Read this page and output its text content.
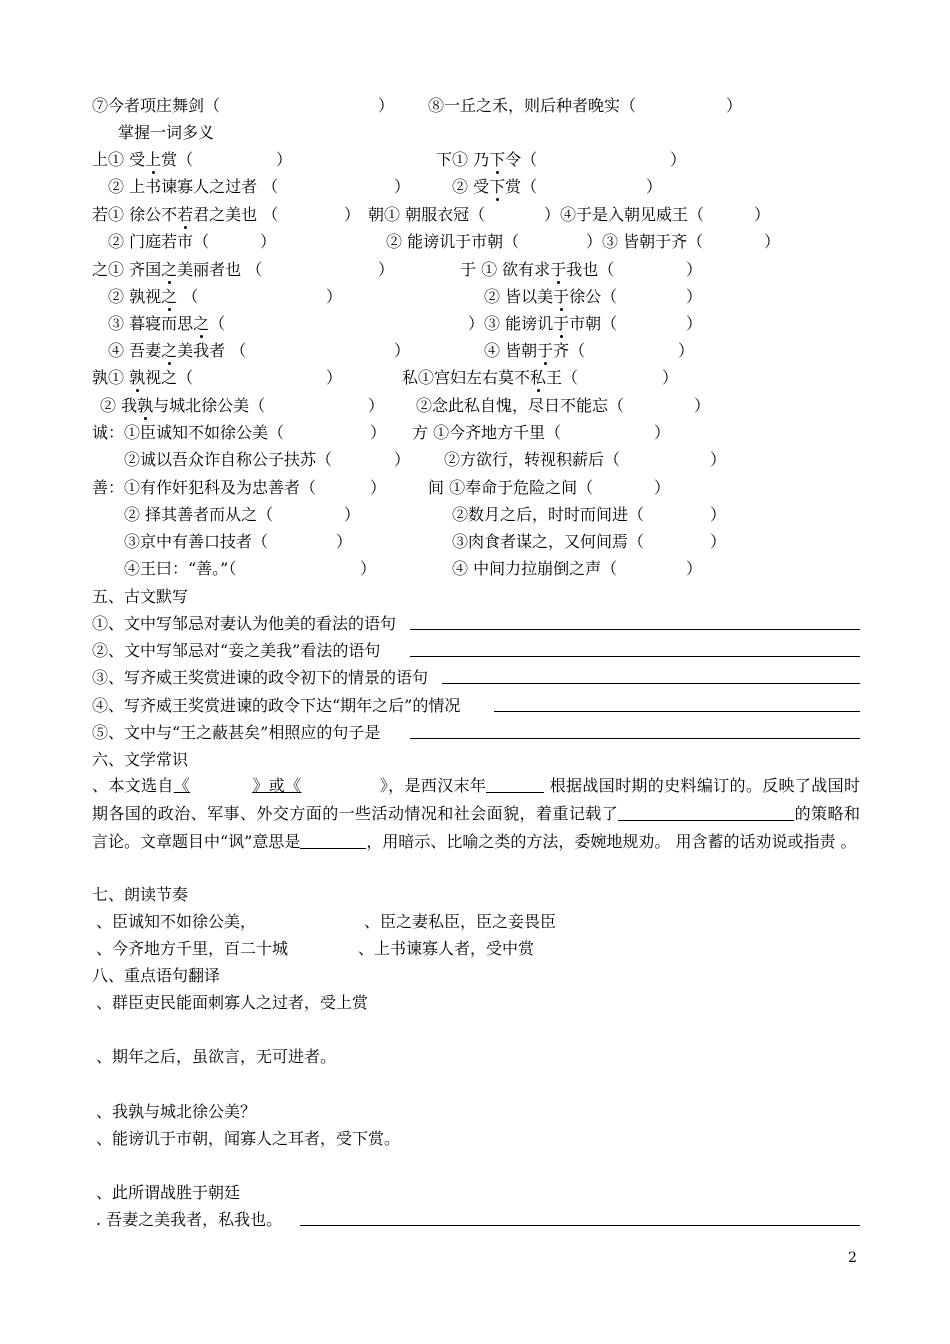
⑦今者项庄舞剑（	） ⑧一丘之禾，则后种者晚实（	）
掌握一词多义
上① 受上赏（	）	下① 乃下令（	）
② 上书谏寡人之过者 （	）	② 受下赏（	）
若① 徐公不若君之美也 （	） 朝① 朝服衣冠（	）④于是入朝见威王（	）
② 门庭若市（	）	② 能谤讥于市朝（	）③ 皆朝于齐（	）
之① 齐国之美丽者也 （	）	于 ① 欲有求于我也（	）
② 孰视之 （	）	② 皆以美于徐公（	）
③ 暮寝而思之（	）③ 能谤讥于市朝（	）
④ 吾妻之美我者 （	）	④ 皆朝于齐（	）
孰① 孰视之（	）	私①宫妇左右莫不私王（	）
② 我孰与城北徐公美（	） ②念此私自愧，尽日不能忘（	）
诚：①臣诚知不如徐公美（	） 方 ①今齐地方千里（	）
②诚以吾众诈自称公子扶苏（	） ②方欲行，转视积薪后（	）
善：①有作奸犯科及为忠善者（	）	间 ①奉命于危险之间（	）
② 择其善者而从之（	）	②数月之后，时时而间进（	）
③京中有善口技者（	）	③肉食者谋之，又何间焉（	）
④王曰：“善。”（	）	④ 中间力拉崩倒之声（	）
五、古文默写
①、文中写邹忌对妻认为他美的看法的语句
②、文中写邹忌对“妾之美我”看法的语句
③、写齐威王奖赏进谏的政令初下的情景的语句
④、写齐威王奖赏进谏的政令下达“期年之后”的情况
⑤、文中与“王之蔽甚矣”相照应的句子是
六、文学常识
、本文选自《	》或《	》，是西汉末年	根据战国时期的史料编订的。反映了战国时期各国的政治、军事、外交方面的一些活动情况和社会面貌，着重记载了	的策略和言论。文章题目中“讽”意思是	，用暗示、比喻之类的方法，委婉地规劝。 用含蓄的话劝说或指责 。
七、朗读节奏
、臣诚知不如徐公美，	、臣之妻私臣，臣之妾畏臣
、今齐地方千里，百二十城	、上书谏寡人者，受中赏
八、重点语句翻译
、群臣吏民能面刺寡人之过者，受上赏
、期年之后，虽欲言，无可进者。
、我孰与城北徐公美？
、能谤讥于市朝，闻寡人之耳者，受下赏。
、此所谓战胜于朝廷
. 吾妻之美我者，私我也。
2
